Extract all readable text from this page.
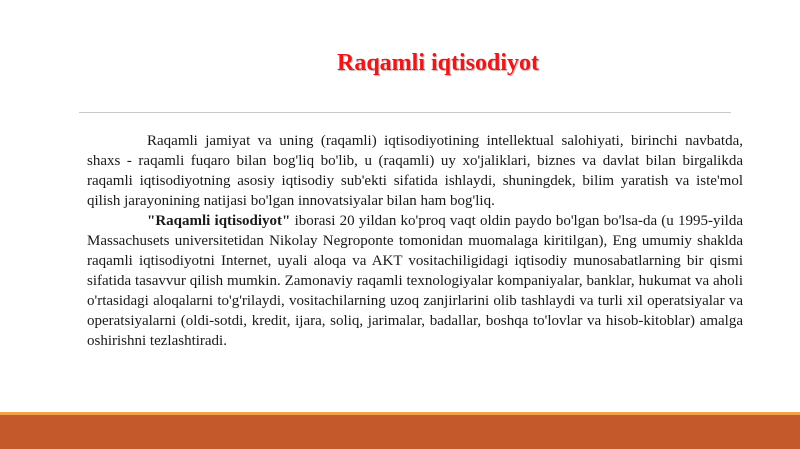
Raqamli iqtisodiyot

Raqamli jamiyat va uning (raqamli) iqtisodiyotining intellektual salohiyati, birinchi navbatda, shaxs - raqamli fuqaro bilan bog'liq bo'lib, u (raqamli) uy xo'jaliklari, biznes va davlat bilan birgalikda raqamli iqtisodiyotning asosiy iqtisodiy sub'ekti sifatida ishlaydi, shuningdek, bilim yaratish va iste'mol qilish jarayonining natijasi bo'lgan innovatsiyalar bilan ham bog'liq.

"Raqamli iqtisodiyot" iborasi 20 yildan ko'proq vaqt oldin paydo bo'lgan bo'lsa-da (u 1995-yilda Massachusets universitetidan Nikolay Negroponte tomonidan muomalaga kiritilgan), Eng umumiy shaklda raqamli iqtisodiyotni Internet, uyali aloqa va AKT vositachiligidagi iqtisodiy munosabatlarning bir qismi sifatida tasavvur qilish mumkin. Zamonaviy raqamli texnologiyalar kompaniyalar, banklar, hukumat va aholi o'rtasidagi aloqalarni to'g'rilaydi, vositachilarning uzoq zanjirlarini olib tashlaydi va turli xil operatsiyalar va operatsiyalarni (oldi-sotdi, kredit, ijara, soliq, jarimalar, badallar, boshqa to'lovlar va hisob-kitoblar) amalga oshirishni tezlashtiradi.
